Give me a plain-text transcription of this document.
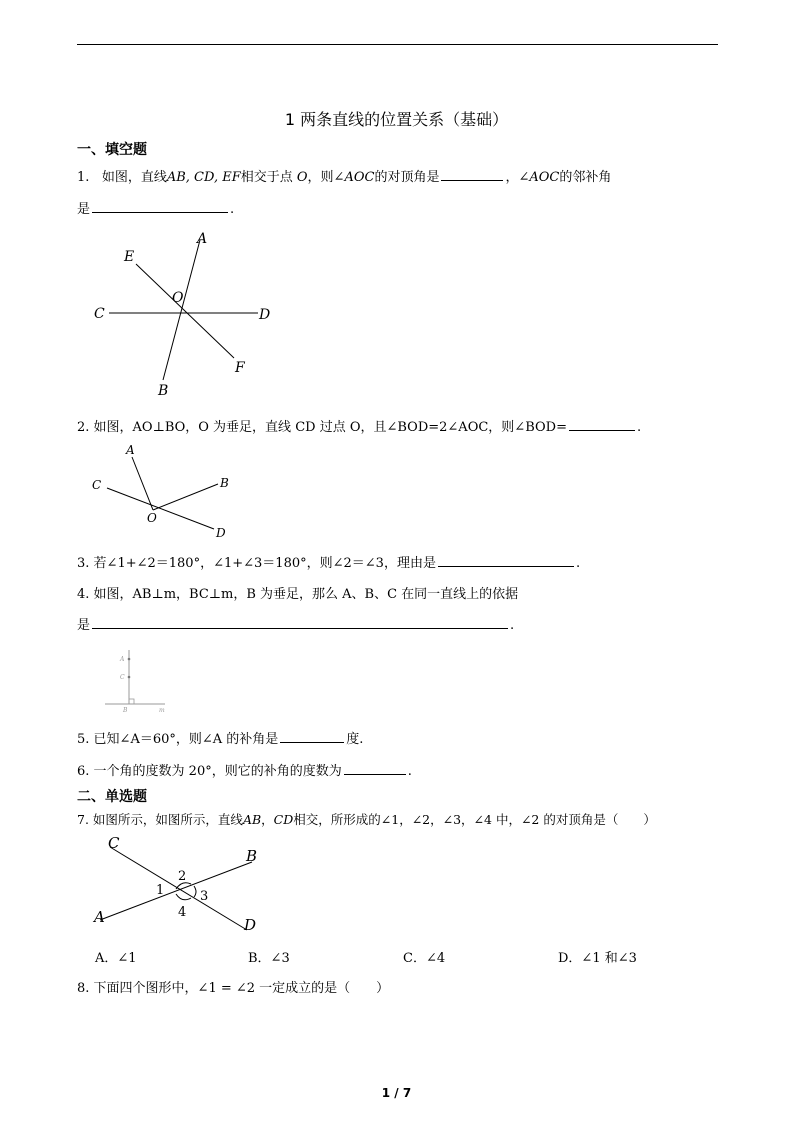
1 两条直线的位置关系（基础）
一、填空题
1. 如图，直线AB, CD, EF相交于点 O，则∠AOC的对顶角是	，∠AOC的邻补角
是	.
A
E
O
C	D
F
B
2. 如图，AO⊥BO，O 为垂足，直线 CD 过点 O，且∠BOD=2∠AOC，则∠BOD=	.
A
C	B
O
D
3. 若∠1+∠2＝180°，∠1+∠3＝180°，则∠2＝∠3，理由是	.
4. 如图，AB⊥m，BC⊥m，B 为垂足，那么 A、B、C 在同一直线上的依据
是	.
A
C
B	m
5. 已知∠A＝60°，则∠A 的补角是	度.
6. 一个角的度数为 20°，则它的补角的度数为	.
二、单选题
7. 如图所示，如图所示，直线AB，CD相交，所形成的∠1，∠2，∠3，∠4 中，∠2 的对顶角是（　　）
C
B
A	D
2
1	3
4
A．∠1	B．∠3	C．∠4	D．∠1 和∠3
8. 下面四个图形中，∠1 = ∠2 一定成立的是（　　）
1 / 7
